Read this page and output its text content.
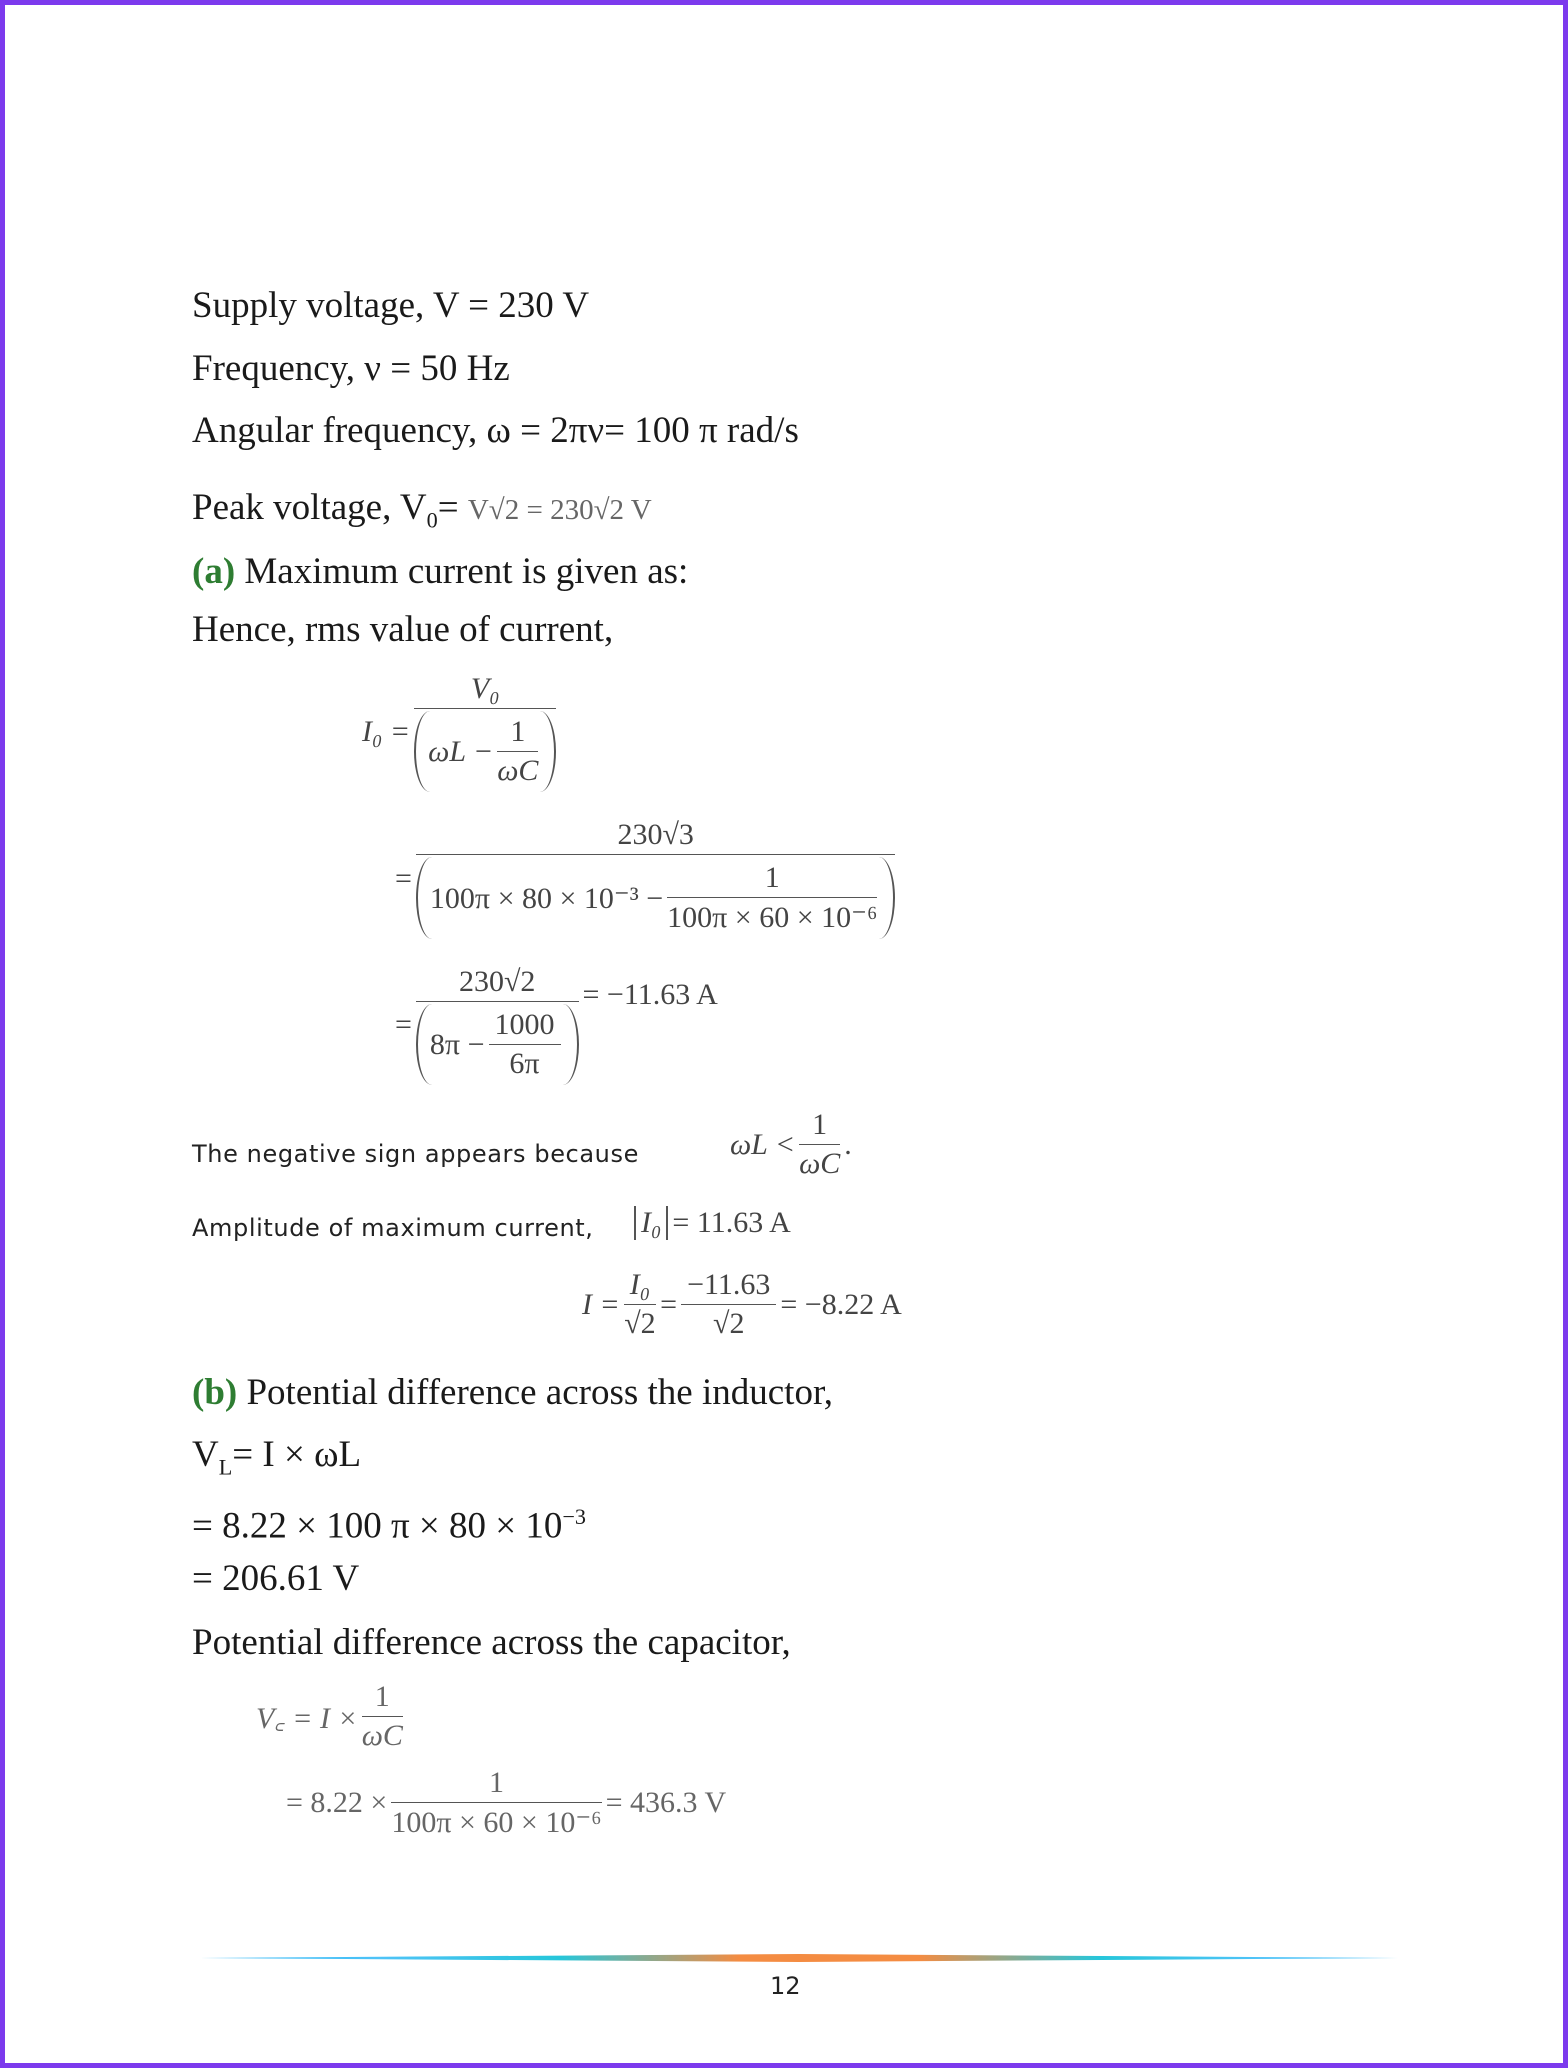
Supply voltage, V = 230 V
Frequency, ν = 50 Hz
Angular frequency, ω = 2πν= 100 π rad/s
Peak voltage, $V_0= V√2 = 230√2$ V
(a) Maximum current is given as:
Hence, rms value of current,
$I_0 = \frac{\text{V₀}}{\omega L - \frac{1}{\omega C}}$
= $\frac{230√3}{100\pi \times 80 \times 10^{-3} - \frac{1}{\text{100π × 60 × 10⁻⁶}}}$
= $\frac{230√2}{8\pi - \frac{1000}{6\pi}} = -11.63$ A
The negative sign appears because	$\omega L < \frac{1}{\omega C}$ .
Amplitude of maximum current, I₀ = 11.63 A
$I = \frac{\text{I₀}}{√2} = \frac{-11.63}{√2} = -8.22$ A
(b) Potential difference across the inductor,
$V_L= I \times \omega L$
= 8.22 × 100 $\pi \times 80 \times 10^{-3}$
= 206.61 V
Potential difference across the capacitor,
V꜀ = $I \times \frac{1}{\omega C}$
= $8.22 \times \frac{1}{\text{100π × 60 × 10⁻⁶}} = 436.3$ V
12
